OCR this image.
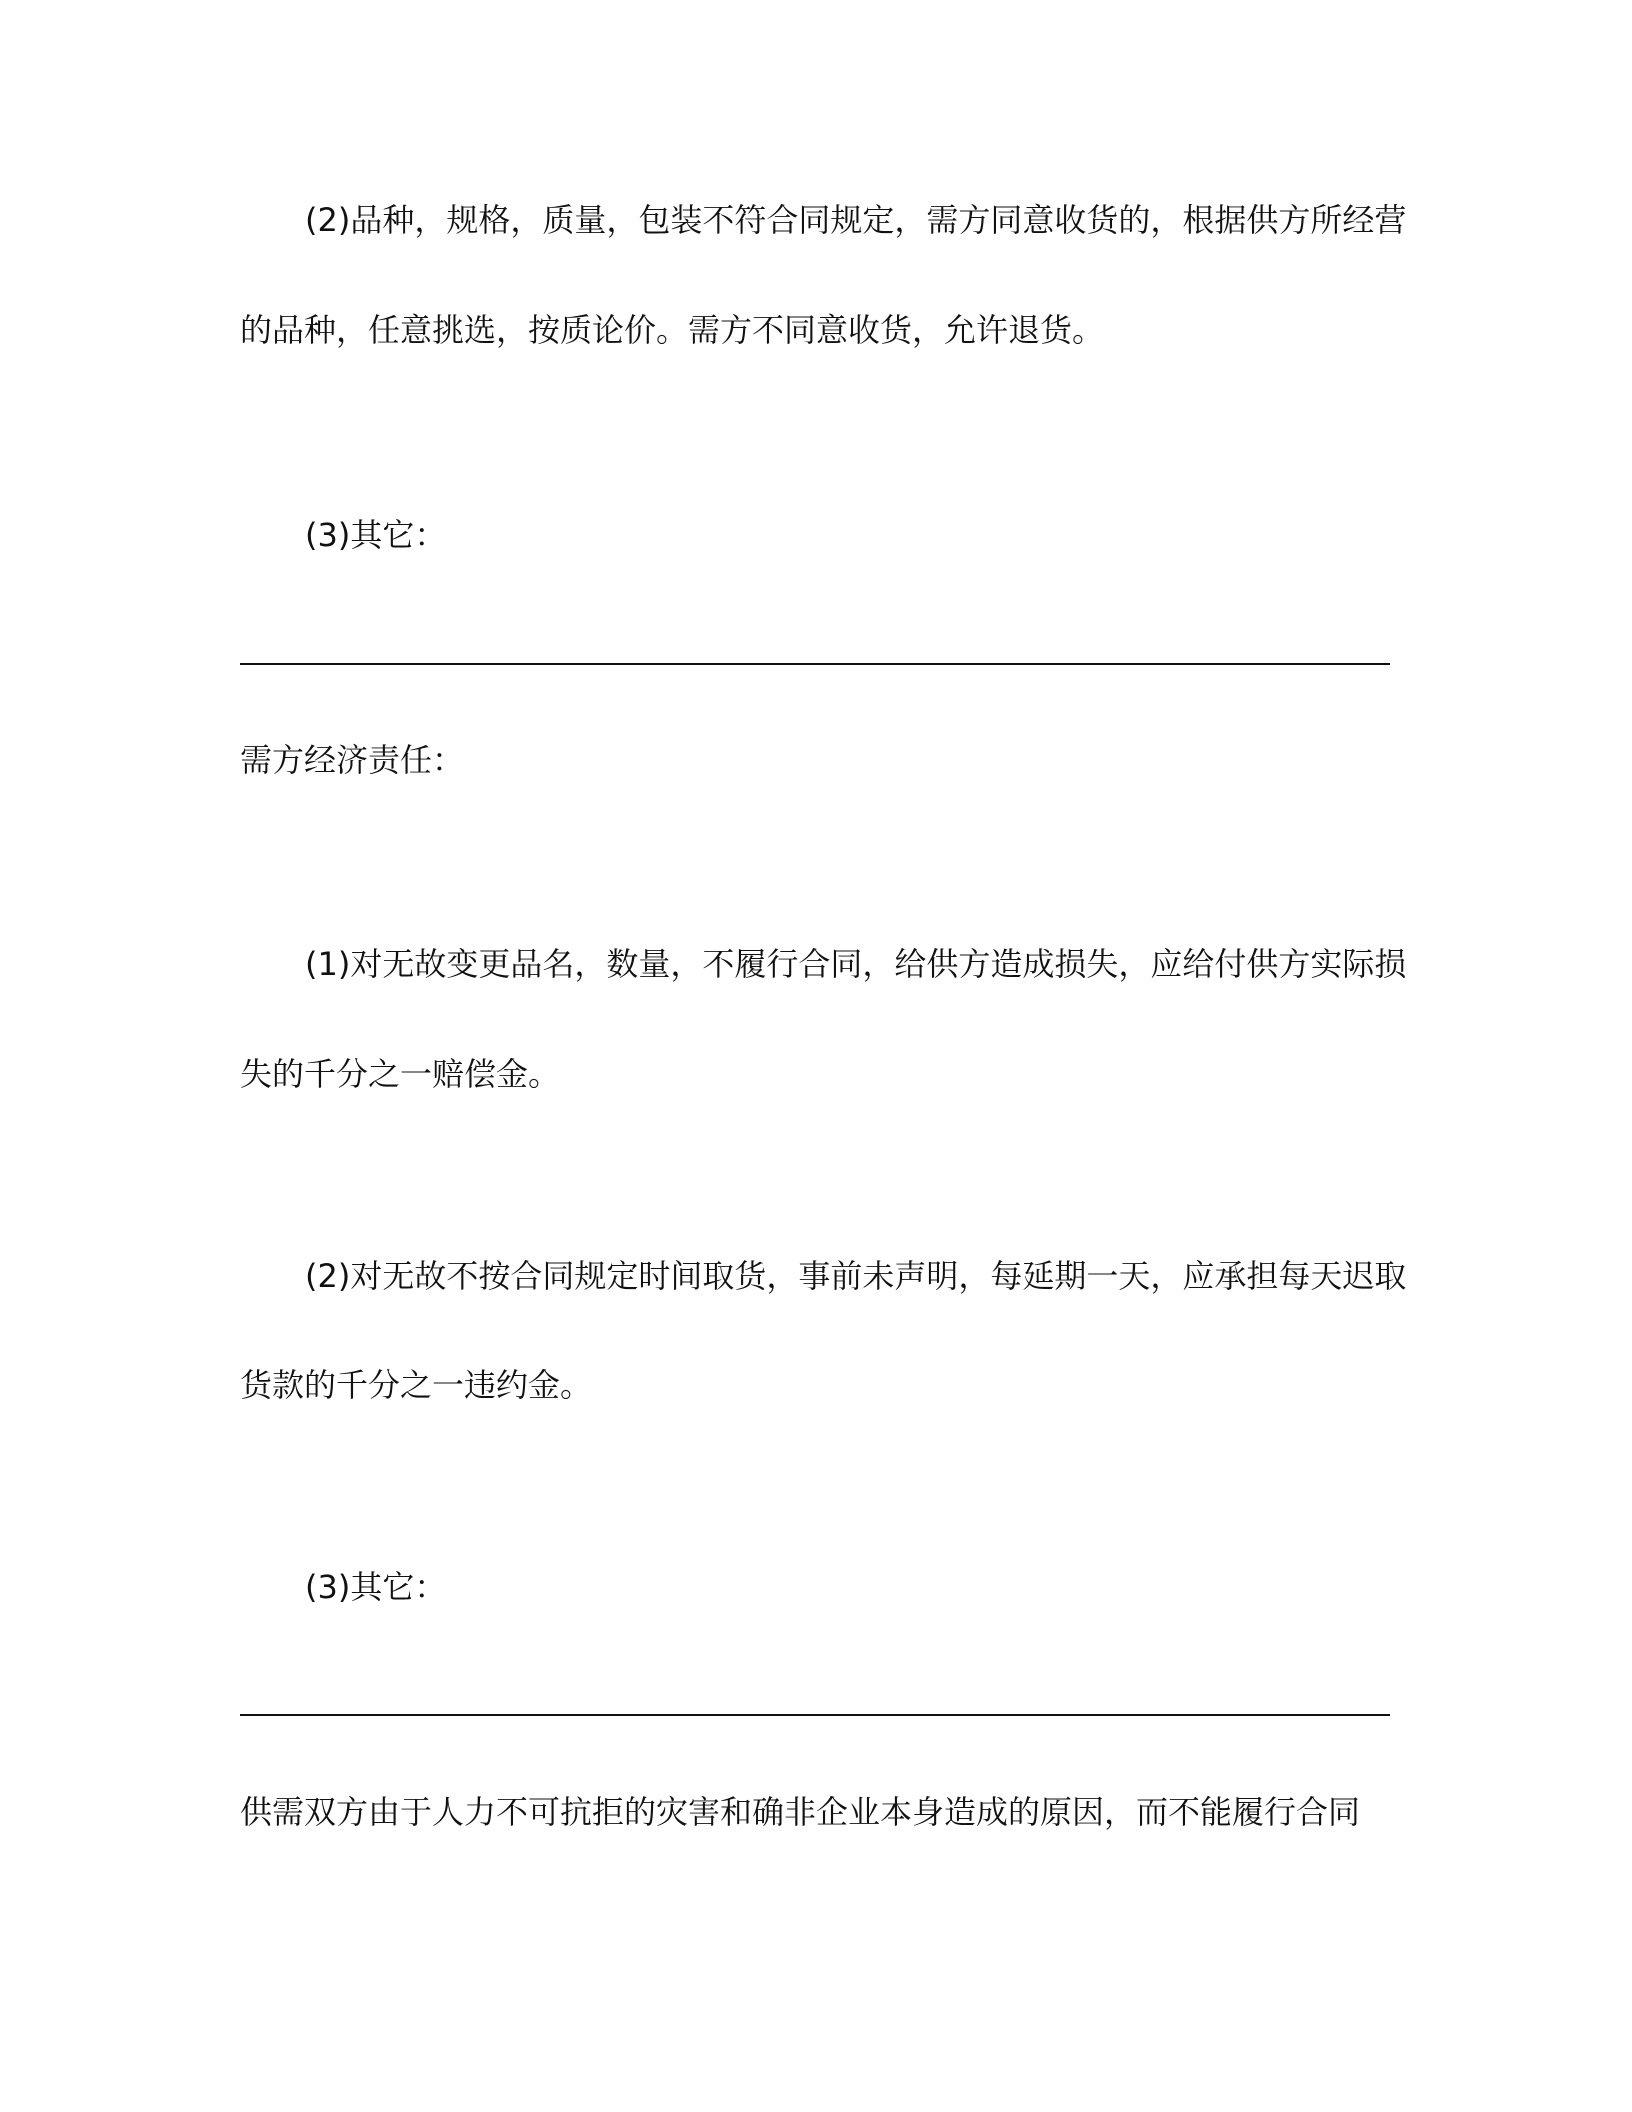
(2)品种，规格，质量，包装不符合同规定，需方同意收货的，根据供方所经营
的品种，任意挑选，按质论价。需方不同意收货，允许退货。
(3)其它：
需方经济责任：
(1)对无故变更品名，数量，不履行合同，给供方造成损失，应给付供方实际损
失的千分之一赔偿金。
(2)对无故不按合同规定时间取货，事前未声明，每延期一天，应承担每天迟取
货款的千分之一违约金。
(3)其它：
供需双方由于人力不可抗拒的灾害和确非企业本身造成的原因，而不能履行合同
